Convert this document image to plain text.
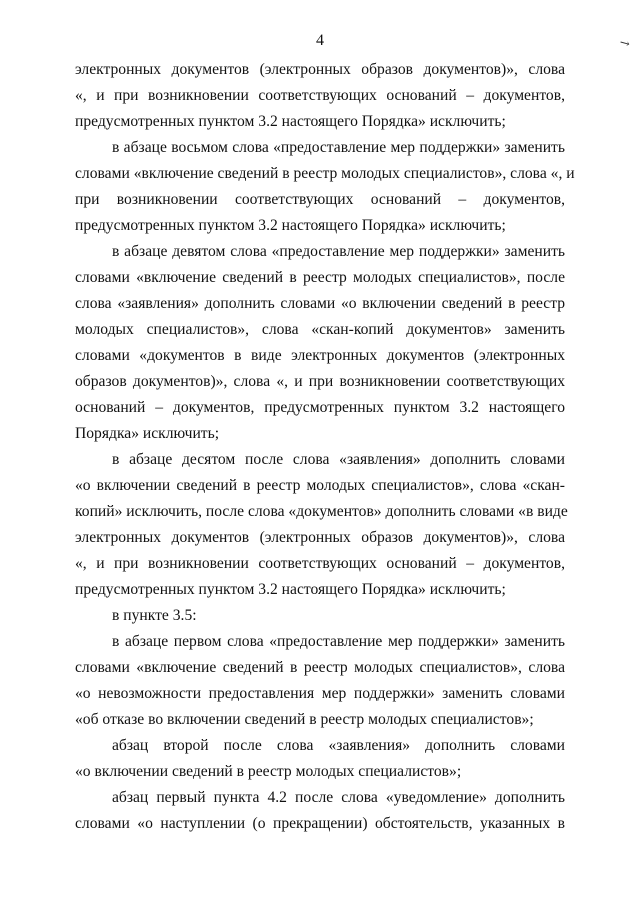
4	↘
электронных документов (электронных образов документов)», слова
«, и при возникновении соответствующих оснований – документов,
предусмотренных пунктом 3.2 настоящего Порядка» исключить;
в абзаце восьмом слова «предоставление мер поддержки» заменить
словами «включение сведений в реестр молодых специалистов», слова «, и
при возникновении соответствующих оснований – документов,
предусмотренных пунктом 3.2 настоящего Порядка» исключить;
в абзаце девятом слова «предоставление мер поддержки» заменить
словами «включение сведений в реестр молодых специалистов», после
слова «заявления» дополнить словами «о включении сведений в реестр
молодых специалистов», слова «скан-копий документов» заменить
словами «документов в виде электронных документов (электронных
образов документов)», слова «, и при возникновении соответствующих
оснований – документов, предусмотренных пунктом 3.2 настоящего
Порядка» исключить;
в абзаце десятом после слова «заявления» дополнить словами
«о включении сведений в реестр молодых специалистов», слова «скан-
копий» исключить, после слова «документов» дополнить словами «в виде
электронных документов (электронных образов документов)», слова
«, и при возникновении соответствующих оснований – документов,
предусмотренных пунктом 3.2 настоящего Порядка» исключить;
в пункте 3.5:
в абзаце первом слова «предоставление мер поддержки» заменить
словами «включение сведений в реестр молодых специалистов», слова
«о невозможности предоставления мер поддержки» заменить словами
«об отказе во включении сведений в реестр молодых специалистов»;
абзац второй после слова «заявления» дополнить словами
«о включении сведений в реестр молодых специалистов»;
абзац первый пункта 4.2 после слова «уведомление» дополнить
словами «о наступлении (о прекращении) обстоятельств, указанных в
